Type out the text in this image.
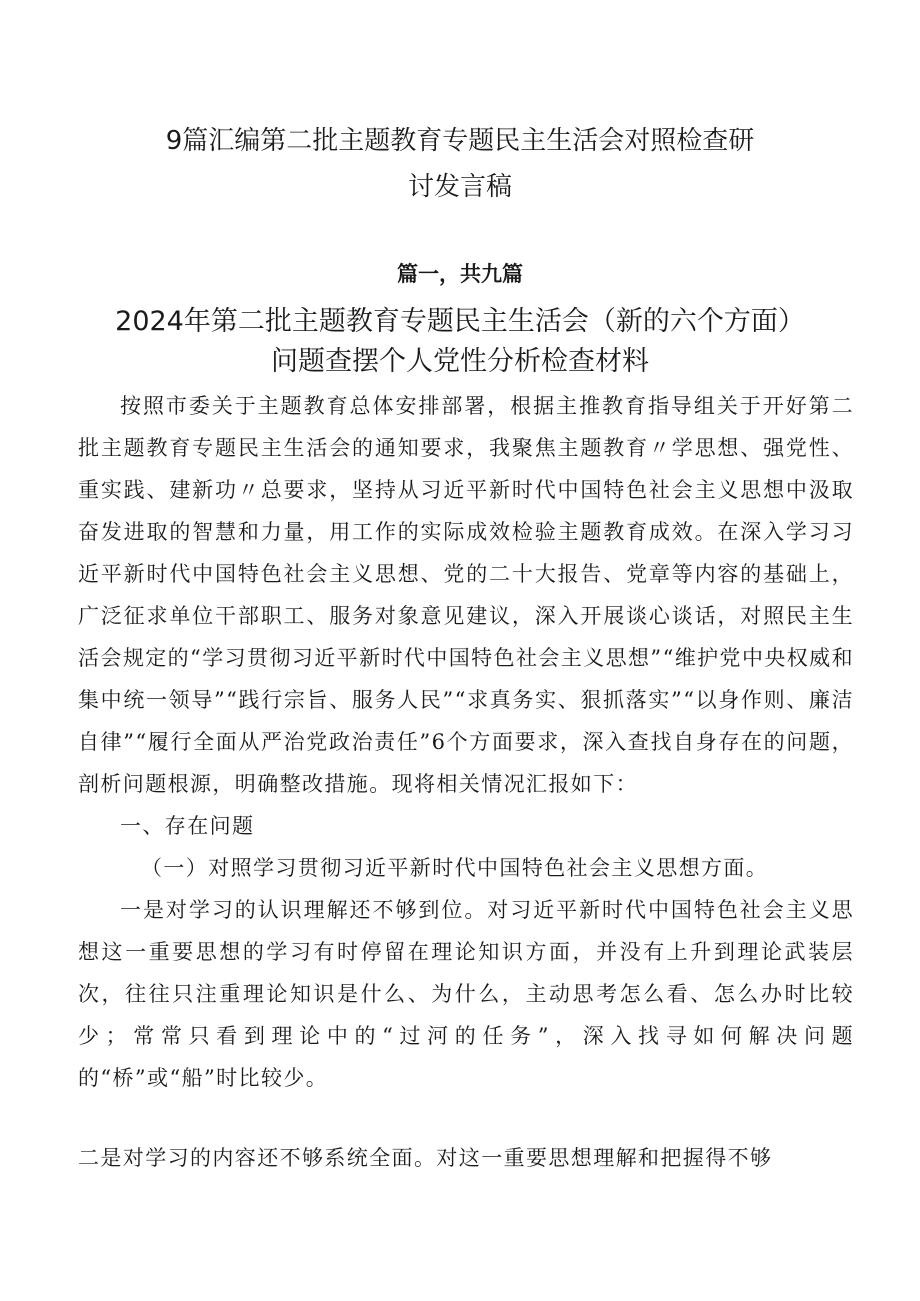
9篇汇编第二批主题教育专题民主生活会对照检查研
讨发言稿
篇一，共九篇
2024年第二批主题教育专题民主生活会（新的六个方面）
问题查摆个人党性分析检查材料

按照市委关于主题教育总体安排部署，根据主推教育指导组关于开好第二批主题教育专题民主生活会的通知要求，我聚焦主题教育〃学思想、强党性、重实践、建新功〃总要求，坚持从习近平新时代中国特色社会主义思想中汲取奋发进取的智慧和力量，用工作的实际成效检验主题教育成效。在深入学习习近平新时代中国特色社会主义思想、党的二十大报告、党章等内容的基础上，广泛征求单位干部职工、服务对象意见建议，深入开展谈心谈话，对照民主生活会规定的“学习贯彻习近平新时代中国特色社会主义思想”“维护党中央权威和集中统一领导”“践行宗旨、服务人民”“求真务实、狠抓落实”“以身作则、廉洁自律”“履行全面从严治党政治责任”6个方面要求，深入查找自身存在的问题，剖析问题根源，明确整改措施。现将相关情况汇报如下：

一、存在问题

（一）对照学习贯彻习近平新时代中国特色社会主义思想方面。

一是对学习的认识理解还不够到位。对习近平新时代中国特色社会主义思想这一重要思想的学习有时停留在理论知识方面，并没有上升到理论武装层次，往往只注重理论知识是什么、为什么，主动思考怎么看、怎么办时比较少；常常只看到理论中的“过河的任务”，深入找寻如何解决问题的“桥”或“船”时比较少。

二是对学习的内容还不够系统全面。对这一重要思想理解和把握得不够
